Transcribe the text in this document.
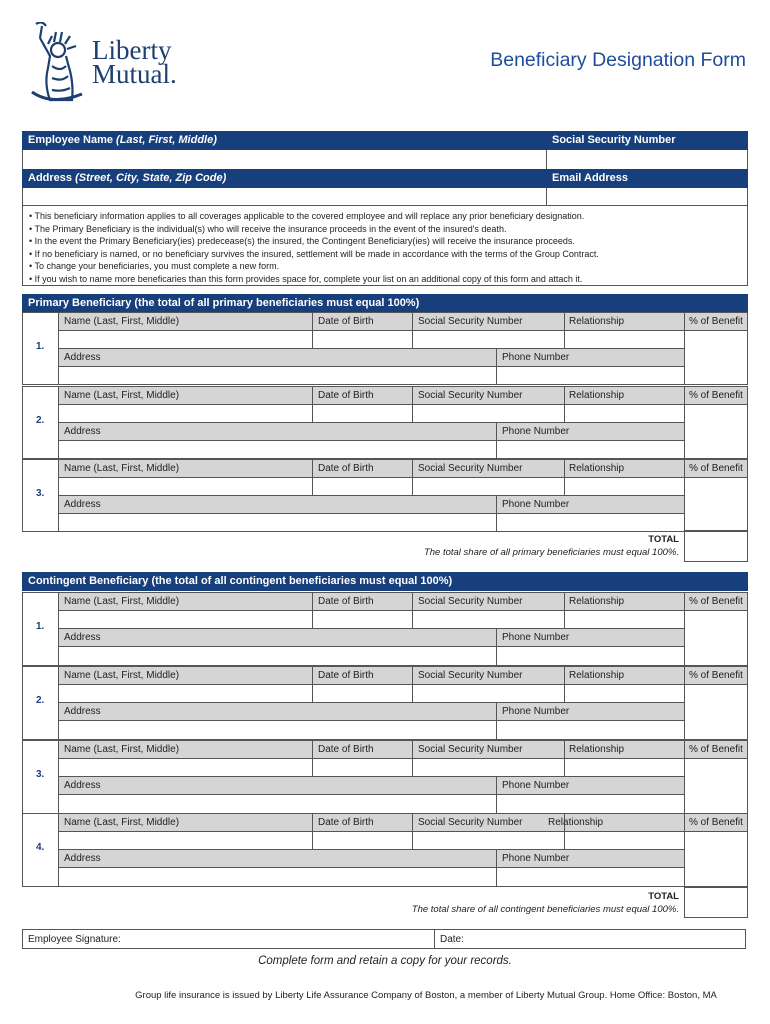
Liberty
Mutual.	Beneficiary Designation Form
Employee Name (Last, First, Middle)	Social Security Number
Address (Street, City, State, Zip Code)	Email Address
• This beneficiary information applies to all coverages applicable to the covered employee and will replace any prior beneficiary designation.
• The Primary Beneficiary is the individual(s) who will receive the insurance proceeds in the event of the insured's death.
• In the event the Primary Beneficiary(ies) predecease(s) the insured, the Contingent Beneficiary(ies) will receive the insurance proceeds.
• If no beneficiary is named, or no beneficiary survives the insured, settlement will be made in accordance with the terms of the Group Contract.
• To change your beneficiaries, you must complete a new form.
• If you wish to name more beneficaries than this form provides space for, complete your list on an additional copy of this form and attach it.
Primary Beneficiary (the total of all primary beneficiaries must equal 100%)
Name (Last, First, Middle)	Date of Birth	Social Security Number	Relationship	% of Benefit
Address	Phone Number
1.
Name (Last, First, Middle)	Date of Birth	Social Security Number	Relationship	% of Benefit
Address	Phone Number
2.
Name (Last, First, Middle)	Date of Birth	Social Security Number	Relationship	% of Benefit
Address	Phone Number
3.
TOTAL
The total share of all primary beneficiaries must equal 100%.
Contingent Beneficiary (the total of all contingent beneficiaries must equal 100%)
Name (Last, First, Middle)	Date of Birth	Social Security Number	Relationship	% of Benefit
Address	Phone Number
1.
Name (Last, First, Middle)	Date of Birth	Social Security Number	Relationship	% of Benefit
Address	Phone Number
2.
Name (Last, First, Middle)	Date of Birth	Social Security Number	Relationship	% of Benefit
Address	Phone Number
3.
Name (Last, First, Middle)	Date of Birth	Social Security Number	Relationship	% of Benefit
Address	Phone Number
4.
TOTAL
The total share of all contingent beneficiaries must equal 100%.
Employee Signature:	Date:
Complete form and retain a copy for your records.
Group life insurance is issued by Liberty Life Assurance Company of Boston, a member of Liberty Mutual Group. Home Office: Boston, MA
